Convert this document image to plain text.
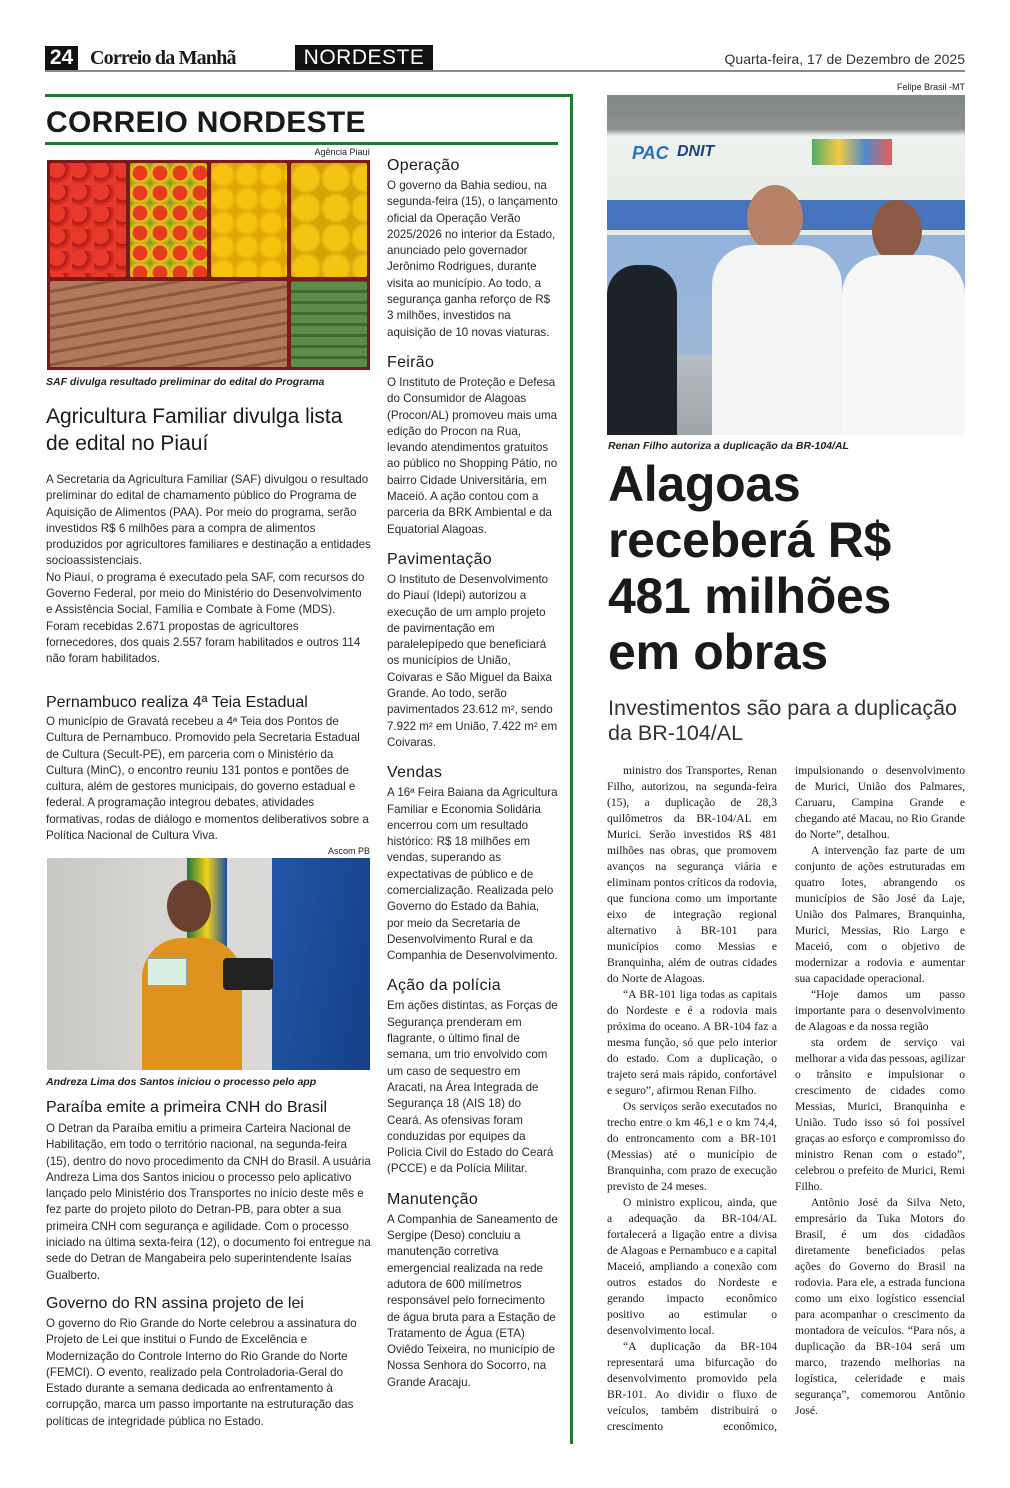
24 Correio da Manhã	NORDESTE	Quarta-feira, 17 de Dezembro de 2025
CORREIO NORDESTE
Agência Piauí
SAF divulga resultado preliminar do edital do Programa
Agricultura Familiar divulga lista de edital no Piauí

A Secretaria da Agricultura Familiar (SAF) divulgou o resultado preliminar do edital de chamamento público do Programa de Aquisição de Alimentos (PAA). Por meio do programa, serão investidos R$ 6 milhões para a compra de alimentos produzidos por agricultores familiares e destinação a entidades socioassistenciais.

No Piauí, o programa é executado pela SAF, com recursos do Governo Federal, por meio do Ministério do Desenvolvimento e Assistência Social, Família e Combate à Fome (MDS).

Foram recebidas 2.671 propostas de agricultores fornecedores, dos quais 2.557 foram habilitados e outros 114 não foram habilitados.

Pernambuco realiza 4ª Teia Estadual

O município de Gravatá recebeu a 4ª Teia dos Pontos de Cultura de Pernambuco. Promovido pela Secretaria Estadual de Cultura (Secult-PE), em parceria com o Ministério da Cultura (MinC), o encontro reuniu 131 pontos e pontões de cultura, além de gestores municipais, do governo estadual e federal. A programação integrou debates, atividades formativas, rodas de diálogo e momentos deliberativos sobre a Política Nacional de Cultura Viva.

Ascom PB
Andreza Lima dos Santos iniciou o processo pelo app
Paraíba emite a primeira CNH do Brasil

O Detran da Paraíba emitiu a primeira Carteira Nacional de Habilitação, em todo o território nacional, na segunda-feira (15), dentro do novo procedimento da CNH do Brasil. A usuária Andreza Lima dos Santos iniciou o processo pelo aplicativo lançado pelo Ministério dos Transportes no início deste mês e fez parte do projeto piloto do Detran-PB, para obter a sua primeira CNH com segurança e agilidade. Com o processo iniciado na última sexta-feira (12), o documento foi entregue na sede do Detran de Mangabeira pelo superintendente Isaías Gualberto.

Governo do RN assina projeto de lei

O governo do Rio Grande do Norte celebrou a assinatura do Projeto de Lei que institui o Fundo de Excelência e Modernização do Controle Interno do Rio Grande do Norte (FEMCI). O evento, realizado pela Controladoria-Geral do Estado durante a semana dedicada ao enfrentamento à corrupção, marca um passo importante na estruturação das políticas de integridade pública no Estado.

Operação

O governo da Bahia sediou, na segunda-feira (15), o lançamento oficial da Operação Verão 2025/2026 no interior da Estado, anunciado pelo governador Jerônimo Rodrigues, durante visita ao município. Ao todo, a segurança ganha reforço de R$ 3 milhões, investidos na aquisição de 10 novas viaturas.

Feirão

O Instituto de Proteção e Defesa do Consumidor de Alagoas (Procon/AL) promoveu mais uma edição do Procon na Rua, levando atendimentos gratuitos ao público no Shopping Pátio, no bairro Cidade Universitária, em Maceió. A ação contou com a parceria da BRK Ambiental e da Equatorial Alagoas.

Pavimentação

O Instituto de Desenvolvimento do Piauí (Idepi) autorizou a execução de um amplo projeto de pavimentação em paralelepípedo que beneficiará os municípios de União, Coivaras e São Miguel da Baixa Grande. Ao todo, serão pavimentados 23.612 m², sendo 7.922 m² em União, 7.422 m² em Coivaras.

Vendas

A 16ª Feira Baiana da Agricultura Familiar e Economia Solidária encerrou com um resultado histórico: R$ 18 milhões em vendas, superando as expectativas de público e de comercialização. Realizada pelo Governo do Estado da Bahia, por meio da Secretaria de Desenvolvimento Rural e da Companhia de Desenvolvimento.

Ação da polícia

Em ações distintas, as Forças de Segurança prenderam em flagrante, o último final de semana, um trio envolvido com um caso de sequestro em Aracati, na Área Integrada de Segurança 18 (AIS 18) do Ceará. As ofensivas foram conduzidas por equipes da Polícia Civil do Estado do Ceará (PCCE) e da Polícia Militar.

Manutenção

A Companhia de Saneamento de Sergipe (Deso) concluiu a manutenção corretiva emergencial realizada na rede adutora de 600 milímetros responsável pelo fornecimento de água bruta para a Estação de Tratamento de Água (ETA) Oviêdo Teixeira, no município de Nossa Senhora do Socorro, na Grande Aracaju.

Felipe Brasil -MT
PAC DNIT
Renan Filho autoriza a duplicação da BR-104/AL
Alagoas receberá R$ 481 milhões em obras
Investimentos são para a duplicação da BR-104/AL

ministro dos Transportes, Renan Filho, autorizou, na segunda-feira (15), a duplicação de 28,3 quilômetros da BR-104/AL em Murici. Serão investidos R$ 481 milhões nas obras, que promovem avanços na segurança viária e eliminam pontos críticos da rodovia, que funciona como um importante eixo de integração regional alternativo à BR-101 para municípios como Messias e Branquinha, além de outras cidades do Norte de Alagoas.

“A BR-101 liga todas as capitais do Nordeste e é a rodovia mais próxima do oceano. A BR-104 faz a mesma função, só que pelo interior do estado. Com a duplicação, o trajeto será mais rápido, confortável e seguro”, afirmou Renan Filho.

Os serviços serão executados no trecho entre o km 46,1 e o km 74,4, do entroncamento com a BR-101 (Messias) até o município de Branquinha, com prazo de execução previsto de 24 meses.

O ministro explicou, ainda, que a adequação da BR-104/AL fortalecerá a ligação entre a divisa de Alagoas e Pernambuco e a capital Maceió, ampliando a conexão com outros estados do Nordeste e gerando impacto econômico positivo ao estimular o desenvolvimento local.

“A duplicação da BR-104 representará uma bifurcação do desenvolvimento promovido pela BR-101. Ao dividir o fluxo de veículos, também distribuirá o crescimento econômico, impulsionando o desenvolvimento de Murici, União dos Palmares, Caruaru, Campina Grande e chegando até Macau, no Rio Grande do Norte”, detalhou.

A intervenção faz parte de um conjunto de ações estruturadas em quatro lotes, abrangendo os municípios de São José da Laje, União dos Palmares, Branquinha, Murici, Messias, Rio Largo e Maceió, com o objetivo de modernizar a rodovia e aumentar sua capacidade operacional.

“Hoje damos um passo importante para o desenvolvimento de Alagoas e da nossa região

sta ordem de serviço vai melhorar a vida das pessoas, agilizar o trânsito e impulsionar o crescimento de cidades como Messias, Murici, Branquinha e União. Tudo isso só foi possível graças ao esforço e compromisso do ministro Renan com o estado”, celebrou o prefeito de Murici, Remi Filho.

Antônio José da Silva Neto, empresário da Tuka Motors do Brasil, é um dos cidadãos diretamente beneficiados pelas ações do Governo do Brasil na rodovia. Para ele, a estrada funciona como um eixo logístico essencial para acompanhar o crescimento da montadora de veículos. “Para nós, a duplicação da BR-104 será um marco, trazendo melhorias na logística, celeridade e mais segurança”, comemorou Antônio José.
